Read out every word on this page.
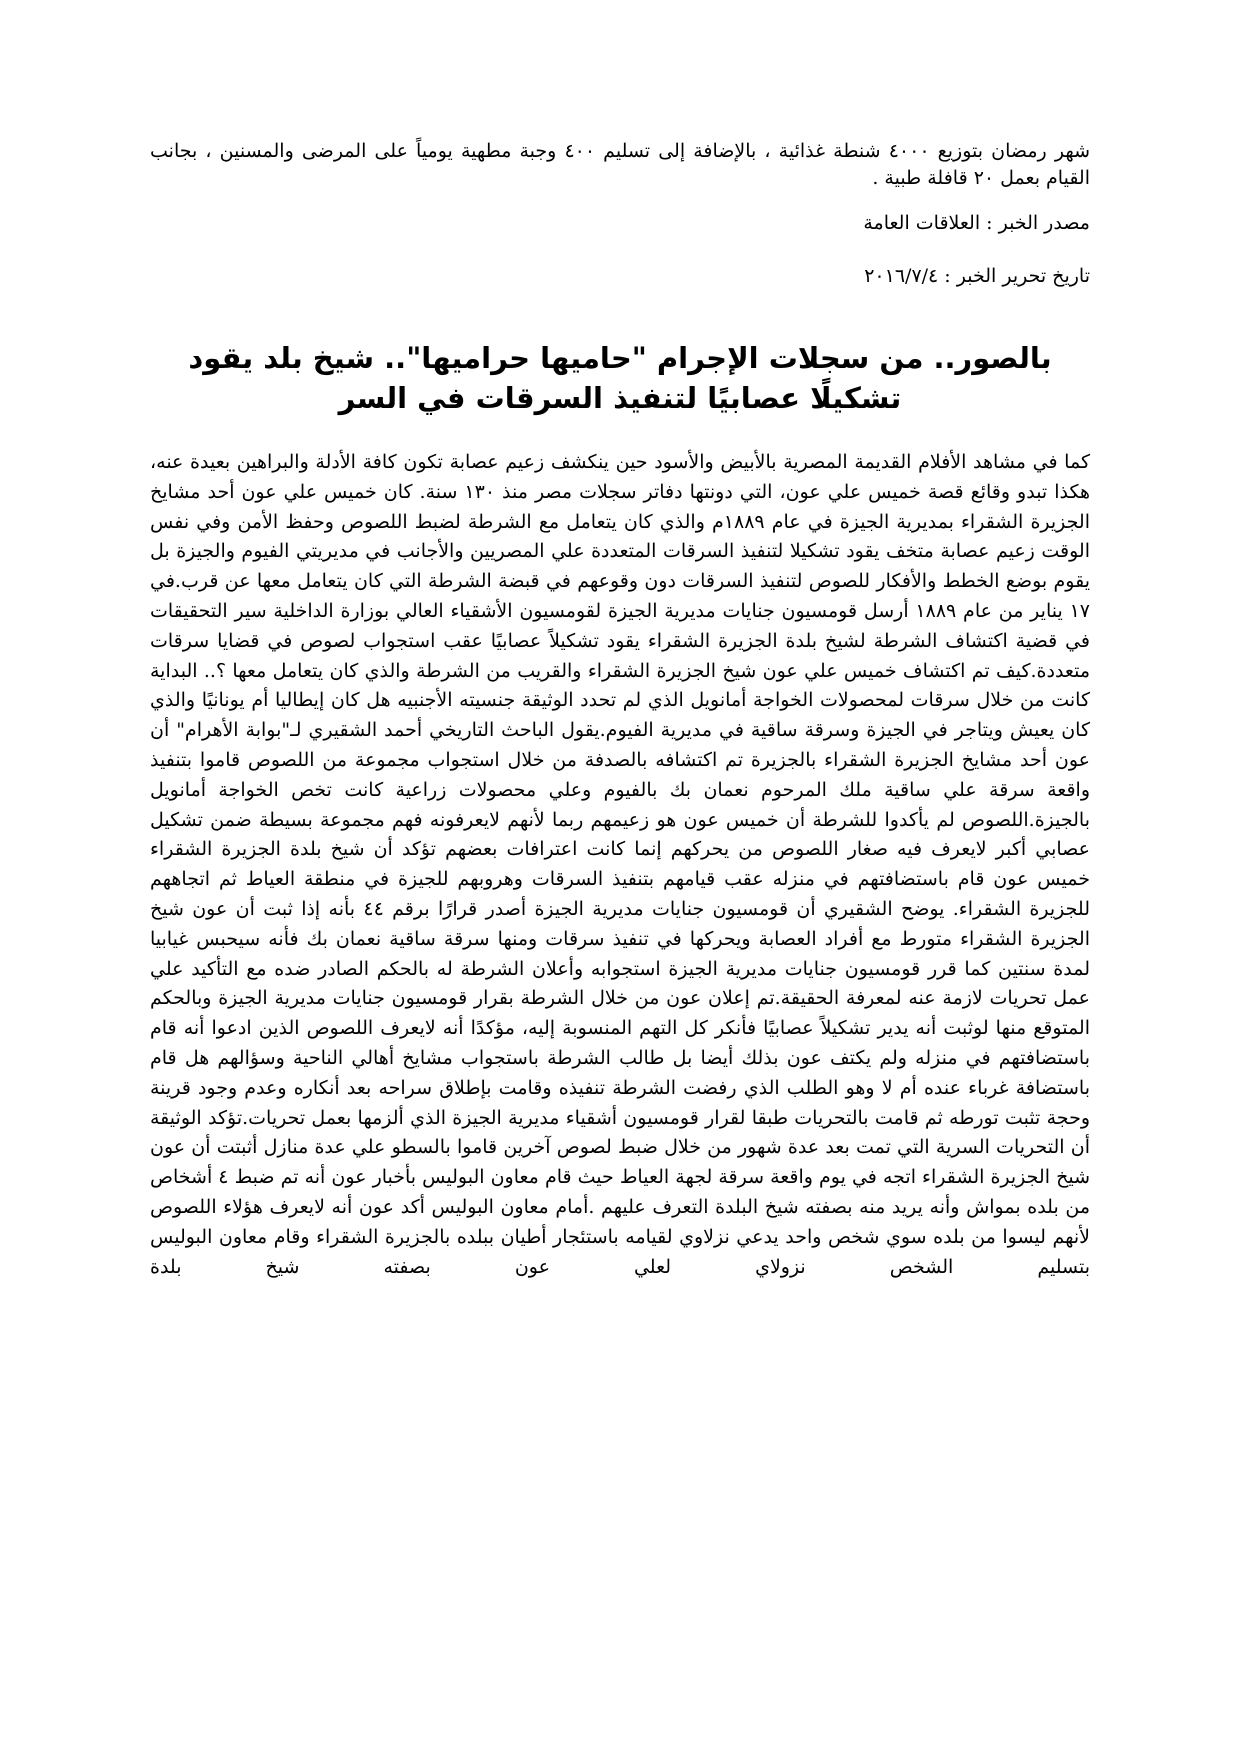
شهر رمضان بتوزيع ٤٠٠٠ شنطة غذائية ، بالإضافة إلى تسليم ٤٠٠ وجبة مطهية يومياً على المرضى والمسنين ، بجانب القيام بعمل ٢٠ قافلة طبية .

مصدر الخبر : العلاقات العامة

تاريخ تحرير الخبر : ٢٠١٦/٧/٤

بالصور.. من سجلات الإجرام "حاميها حراميها".. شيخ بلد يقود تشكيلًا عصابيًا لتنفيذ السرقات في السر

كما في مشاهد الأفلام القديمة المصرية بالأبيض والأسود حين ينكشف زعيم عصابة تكون كافة الأدلة والبراهين بعيدة عنه، هكذا تبدو وقائع قصة خميس علي عون، التي دونتها دفاتر سجلات مصر منذ ١٣٠ سنة. كان خميس علي عون أحد مشايخ الجزيرة الشقراء بمديرية الجيزة في عام ١٨٨٩م والذي كان يتعامل مع الشرطة لضبط اللصوص وحفظ الأمن وفي نفس الوقت زعيم عصابة متخف يقود تشكيلا لتنفيذ السرقات المتعددة علي المصريين والأجانب في مديريتي الفيوم والجيزة بل يقوم بوضع الخطط والأفكار للصوص لتنفيذ السرقات دون وقوعهم في قبضة الشرطة التي كان يتعامل معها عن قرب.في ١٧ يناير من عام ١٨٨٩ أرسل قومسيون جنايات مديرية الجيزة لقومسيون الأشقياء العالي بوزارة الداخلية سير التحقيقات في قضية اكتشاف الشرطة لشيخ بلدة الجزيرة الشقراء يقود تشكيلاً عصابيًا عقب استجواب لصوص في قضايا سرقات متعددة.كيف تم اكتشاف خميس علي عون شيخ الجزيرة الشقراء والقريب من الشرطة والذي كان يتعامل معها ؟.. البداية كانت من خلال سرقات لمحصولات الخواجة أمانويل الذي لم تحدد الوثيقة جنسيته الأجنبيه هل كان إيطاليا أم يونانيًا والذي كان يعيش ويتاجر في الجيزة وسرقة ساقية في مديرية الفيوم.يقول الباحث التاريخي أحمد الشقيري لـ"بوابة الأهرام" أن عون أحد مشايخ الجزيرة الشقراء بالجزيرة تم اكتشافه بالصدفة من خلال استجواب مجموعة من اللصوص قاموا بتنفيذ واقعة سرقة علي ساقية ملك المرحوم نعمان بك بالفيوم وعلي محصولات زراعية كانت تخص الخواجة أمانويل بالجيزة.اللصوص لم يأكدوا للشرطة أن خميس عون هو زعيمهم ربما لأنهم لايعرفونه فهم مجموعة بسيطة ضمن تشكيل عصابي أكبر لايعرف فيه صغار اللصوص من يحركهم إنما كانت اعترافات بعضهم تؤكد أن شيخ بلدة الجزيرة الشقراء خميس عون قام باستضافتهم في منزله عقب قيامهم بتنفيذ السرقات وهروبهم للجيزة في منطقة العياط ثم اتجاههم للجزيرة الشقراء. يوضح الشقيري أن قومسيون جنايات مديرية الجيزة أصدر قرارًا برقم ٤٤ بأنه إذا ثبت أن عون شيخ الجزيرة الشقراء متورط مع أفراد العصابة ويحركها في تنفيذ سرقات ومنها سرقة ساقية نعمان بك فأنه سيحبس غيابيا لمدة سنتين كما قرر قومسيون جنايات مديرية الجيزة استجوابه وأعلان الشرطة له بالحكم الصادر ضده مع التأكيد علي عمل تحريات لازمة عنه لمعرفة الحقيقة.تم إعلان عون من خلال الشرطة بقرار قومسيون جنايات مديرية الجيزة وبالحكم المتوقع منها لوثبت أنه يدير تشكيلاً عصابيًا فأنكر كل التهم المنسوبة إليه، مؤكدًا أنه لايعرف اللصوص الذين ادعوا أنه قام باستضافتهم في منزله ولم يكتف عون بذلك أيضا بل طالب الشرطة باستجواب مشايخ أهالي الناحية وسؤالهم هل قام باستضافة غرباء عنده أم لا وهو الطلب الذي رفضت الشرطة تنفيذه وقامت بإطلاق سراحه بعد أنكاره وعدم وجود قرينة وحجة تثبت تورطه ثم قامت بالتحريات طبقا لقرار قومسيون أشقياء مديرية الجيزة الذي ألزمها بعمل تحريات.تؤكد الوثيقة أن التحريات السرية التي تمت بعد عدة شهور من خلال ضبط لصوص آخرين قاموا بالسطو علي عدة منازل أثبتت أن عون شيخ الجزيرة الشقراء اتجه في يوم واقعة سرقة لجهة العياط حيث قام معاون البوليس بأخبار عون أنه تم ضبط ٤ أشخاص من بلده بمواش وأنه يريد منه بصفته شيخ البلدة التعرف عليهم .أمام معاون البوليس أكد عون أنه لايعرف هؤلاء اللصوص لأنهم ليسوا من بلده سوي شخص واحد يدعي نزلاوي لقيامه باستئجار أطيان ببلده بالجزيرة الشقراء وقام معاون البوليس بتسليم الشخص نزولاي لعلي عون بصفته شيخ بلدة
